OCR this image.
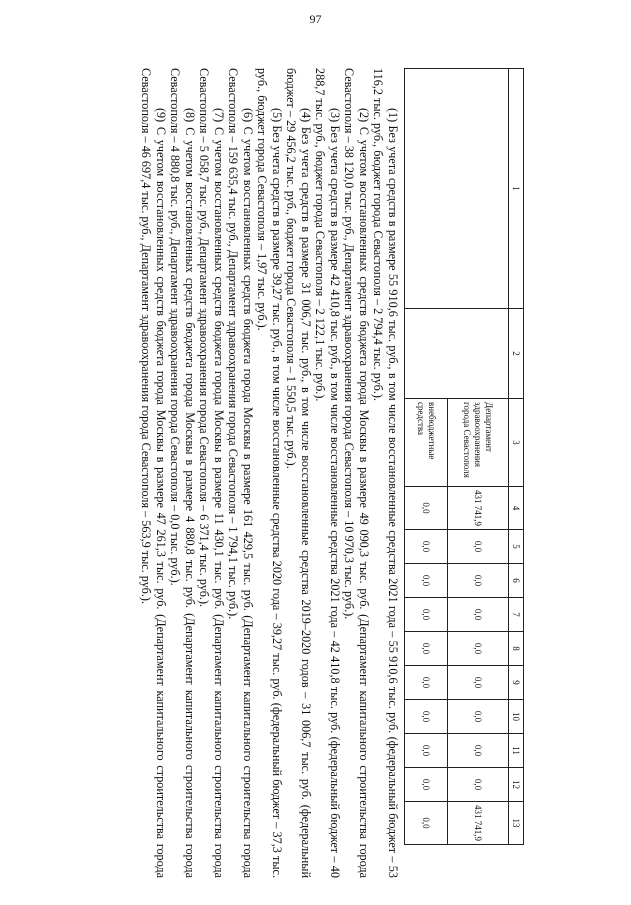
97
1	2	3	4	5	6	7	8	9	10	11	12	13
		Департамент здравоохранения города Севастополя	431 741,9	0,0	0,0	0,0	0,0	0,0	0,0	0,0	0,0	431 741,9
		внебюджетные средства	0,0	0,0	0,0	0,0	0,0	0,0	0,0	0,0	0,0	0,0

(1) Без учета средств в размере 55 910,6 тыс. руб., в том числе восстановленные средства 2021 года – 55 910,6 тыс. руб. (федеральный бюджет – 53 116,2 тыс. руб., бюджет города Севастополя – 2 794,4 тыс. руб.).

(2) С учетом восстановленных средств бюджета города Москвы в размере 49 090,3 тыс. руб. (Департамент капитального строительства города Севастополя – 38 120,0 тыс. руб., Департамент здравоохранения города Севастополя – 10 970,3 тыс. руб.).

(3) Без учета средств в размере 42 410,8 тыс. руб., в том числе восстановленные средства 2021 года – 42 410,8 тыс. руб. (федеральный бюджет – 40 288,7 тыс. руб., бюджет города Севастополя – 2 122,1 тыс. руб.).

(4) Без учета средств в размере 31 006,7 тыс. руб., в том числе восстановленные средства 2019–2020 годов – 31 006,7 тыс. руб. (федеральный бюджет – 29 456,2 тыс. руб., бюджет города Севастополя – 1 550,5 тыс. руб.).

(5) Без учета средств в размере 39,27 тыс. руб., в том числе восстановленные средства 2020 года – 39,27 тыс. руб. (федеральный бюджет – 37,3 тыс. руб., бюджет города Севастополя – 1,97 тыс. руб.).

(6) С учетом восстановленных средств бюджета города Москвы в размере 161 429,5 тыс. руб. (Департамент капитального строительства города Севастополя – 159 635,4 тыс. руб., Департамент здравоохранения города Севастополя – 1 794,1 тыс. руб.).

(7) С учетом восстановленных средств бюджета города Москвы в размере 11 430,1 тыс. руб. (Департамент капитального строительства города Севастополя – 5 058,7 тыс. руб., Департамент здравоохранения города Севастополя – 6 371,4 тыс. руб.).

(8) С учетом восстановленных средств бюджета города Москвы в размере 4 880,8 тыс. руб. (Департамент капитального строительства города Севастополя – 4 880,8 тыс. руб., Департамент здравоохранения города Севастополя – 0,0 тыс. руб.).

(9) С учетом восстановленных средств бюджета города Москвы в размере 47 261,3 тыс. руб. (Департамент капитального строительства города Севастополя – 46 697,4 тыс. руб., Департамент здравоохранения города Севастополя – 563,9 тыс. руб.).
